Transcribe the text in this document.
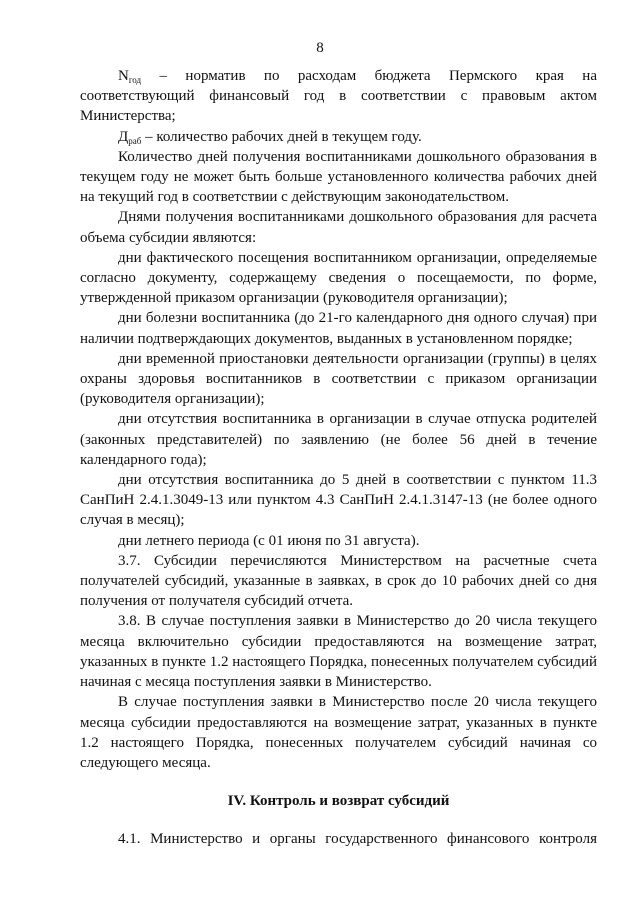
8

$N_{год}$ – норматив по расходам бюджета Пермского края на соответствующий финансовый год в соответствии с правовым актом Министерства;

$Д_{раб}$ – количество рабочих дней в текущем году.

Количество дней получения воспитанниками дошкольного образования в текущем году не может быть больше установленного количества рабочих дней на текущий год в соответствии с действующим законодательством.

Днями получения воспитанниками дошкольного образования для расчета объема субсидии являются:

дни фактического посещения воспитанником организации, определяемые согласно документу, содержащему сведения о посещаемости, по форме, утвержденной приказом организации (руководителя организации);

дни болезни воспитанника (до 21-го календарного дня одного случая) при наличии подтверждающих документов, выданных в установленном порядке;

дни временной приостановки деятельности организации (группы) в целях охраны здоровья воспитанников в соответствии с приказом организации (руководителя организации);

дни отсутствия воспитанника в организации в случае отпуска родителей (законных представителей) по заявлению (не более 56 дней в течение календарного года);

дни отсутствия воспитанника до 5 дней в соответствии с пунктом 11.3 СанПиН 2.4.1.3049-13 или пунктом 4.3 СанПиН 2.4.1.3147-13 (не более одного случая в месяц);

дни летнего периода (с 01 июня по 31 августа).

3.7. Субсидии перечисляются Министерством на расчетные счета получателей субсидий, указанные в заявках, в срок до 10 рабочих дней со дня получения от получателя субсидий отчета.

3.8. В случае поступления заявки в Министерство до 20 числа текущего месяца включительно субсидии предоставляются на возмещение затрат, указанных в пункте 1.2 настоящего Порядка, понесенных получателем субсидий начиная с месяца поступления заявки в Министерство.

В случае поступления заявки в Министерство после 20 числа текущего месяца субсидии предоставляются на возмещение затрат, указанных в пункте 1.2 настоящего Порядка, понесенных получателем субсидий начиная со следующего месяца.

IV. Контроль и возврат субсидий

4.1. Министерство и органы государственного финансового контроля
